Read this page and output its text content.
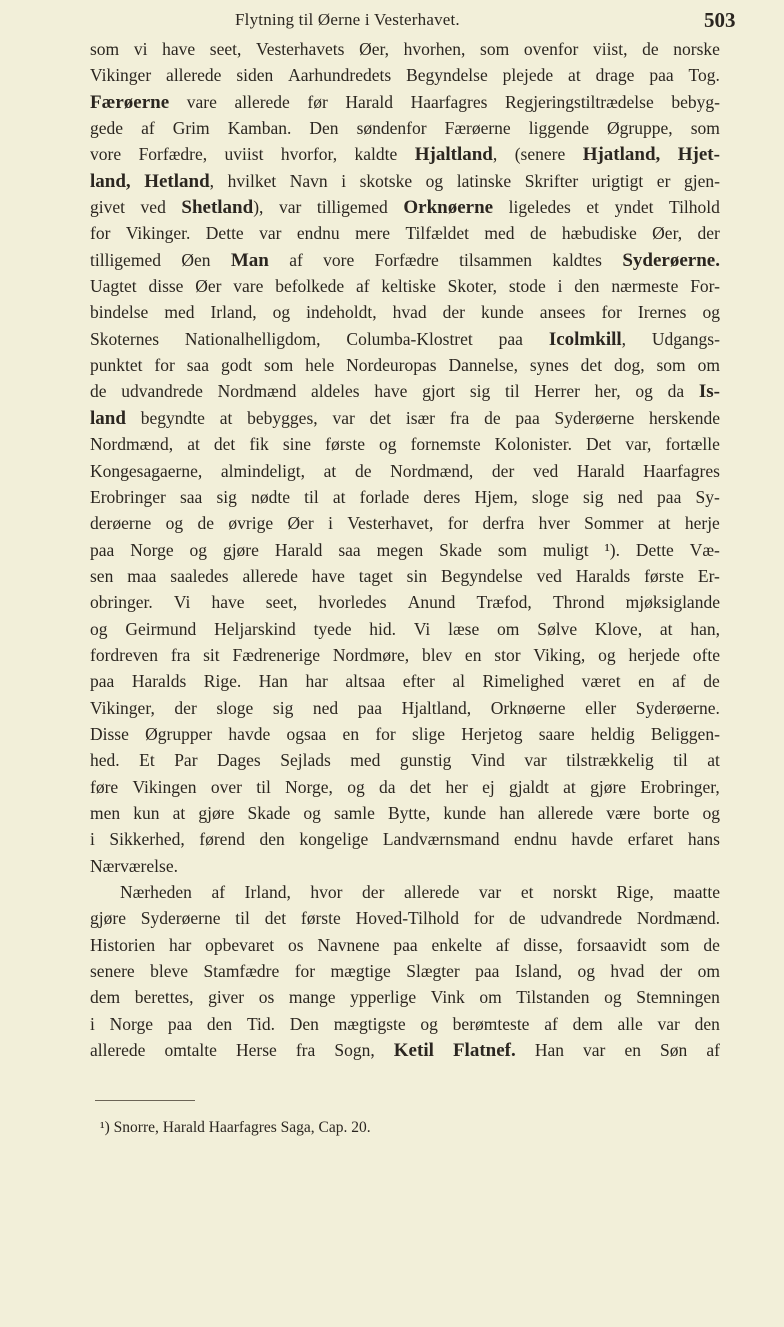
Flytning til Øerne i Vesterhavet.	503
som vi have seet, Vesterhavets Øer, hvorhen, som ovenfor viist, de norske
Vikinger allerede siden Aarhundredets Begyndelse plejede at drage paa Tog.
Færøerne vare allerede før Harald Haarfagres Regjeringstiltrædelse bebyg-
gede af Grim Kamban. Den søndenfor Færøerne liggende Øgruppe, som
vore Forfædre, uviist hvorfor, kaldte Hjaltland, (senere Hjatland, Hjet-
land, Hetland, hvilket Navn i skotske og latinske Skrifter urigtigt er gjen-
givet ved Shetland), var tilligemed Orknøerne ligeledes et yndet Tilhold
for Vikinger. Dette var endnu mere Tilfældet med de hæbudiske Øer, der
tilligemed Øen Man af vore Forfædre tilsammen kaldtes Syderøerne.
Uagtet disse Øer vare befolkede af keltiske Skoter, stode i den nærmeste For-
bindelse med Irland, og indeholdt, hvad der kunde ansees for Irernes og
Skoternes Nationalhelligdom, Columba-Klostret paa Icolmkill, Udgangs-
punktet for saa godt som hele Nordeuropas Dannelse, synes det dog, som om
de udvandrede Nordmænd aldeles have gjort sig til Herrer her, og da Is-
land begyndte at bebygges, var det især fra de paa Syderøerne herskende
Nordmænd, at det fik sine første og fornemste Kolonister. Det var, fortælle
Kongesagaerne, almindeligt, at de Nordmænd, der ved Harald Haarfagres
Erobringer saa sig nødte til at forlade deres Hjem, sloge sig ned paa Sy-
derøerne og de øvrige Øer i Vesterhavet, for derfra hver Sommer at herje
paa Norge og gjøre Harald saa megen Skade som muligt ¹). Dette Væ-
sen maa saaledes allerede have taget sin Begyndelse ved Haralds første Er-
obringer. Vi have seet, hvorledes Anund Træfod, Thrond mjøksiglande
og Geirmund Heljarskind tyede hid. Vi læse om Sølve Klove, at han,
fordreven fra sit Fædrenerige Nordmøre, blev en stor Viking, og herjede ofte
paa Haralds Rige. Han har altsaa efter al Rimelighed været en af de
Vikinger, der sloge sig ned paa Hjaltland, Orknøerne eller Syderøerne.
Disse Øgrupper havde ogsaa en for slige Herjetog saare heldig Beliggen-
hed. Et Par Dages Sejlads med gunstig Vind var tilstrækkelig til at
føre Vikingen over til Norge, og da det her ej gjaldt at gjøre Erobringer,
men kun at gjøre Skade og samle Bytte, kunde han allerede være borte og
i Sikkerhed, førend den kongelige Landværnsmand endnu havde erfaret hans
Nærværelse.
Nærheden af Irland, hvor der allerede var et norskt Rige, maatte
gjøre Syderøerne til det første Hoved-Tilhold for de udvandrede Nordmænd.
Historien har opbevaret os Navnene paa enkelte af disse, forsaavidt som de
senere bleve Stamfædre for mægtige Slægter paa Island, og hvad der om
dem berettes, giver os mange ypperlige Vink om Tilstanden og Stemningen
i Norge paa den Tid. Den mægtigste og berømteste af dem alle var den
allerede omtalte Herse fra Sogn, Ketil Flatnef. Han var en Søn af
¹) Snorre, Harald Haarfagres Saga, Cap. 20.
